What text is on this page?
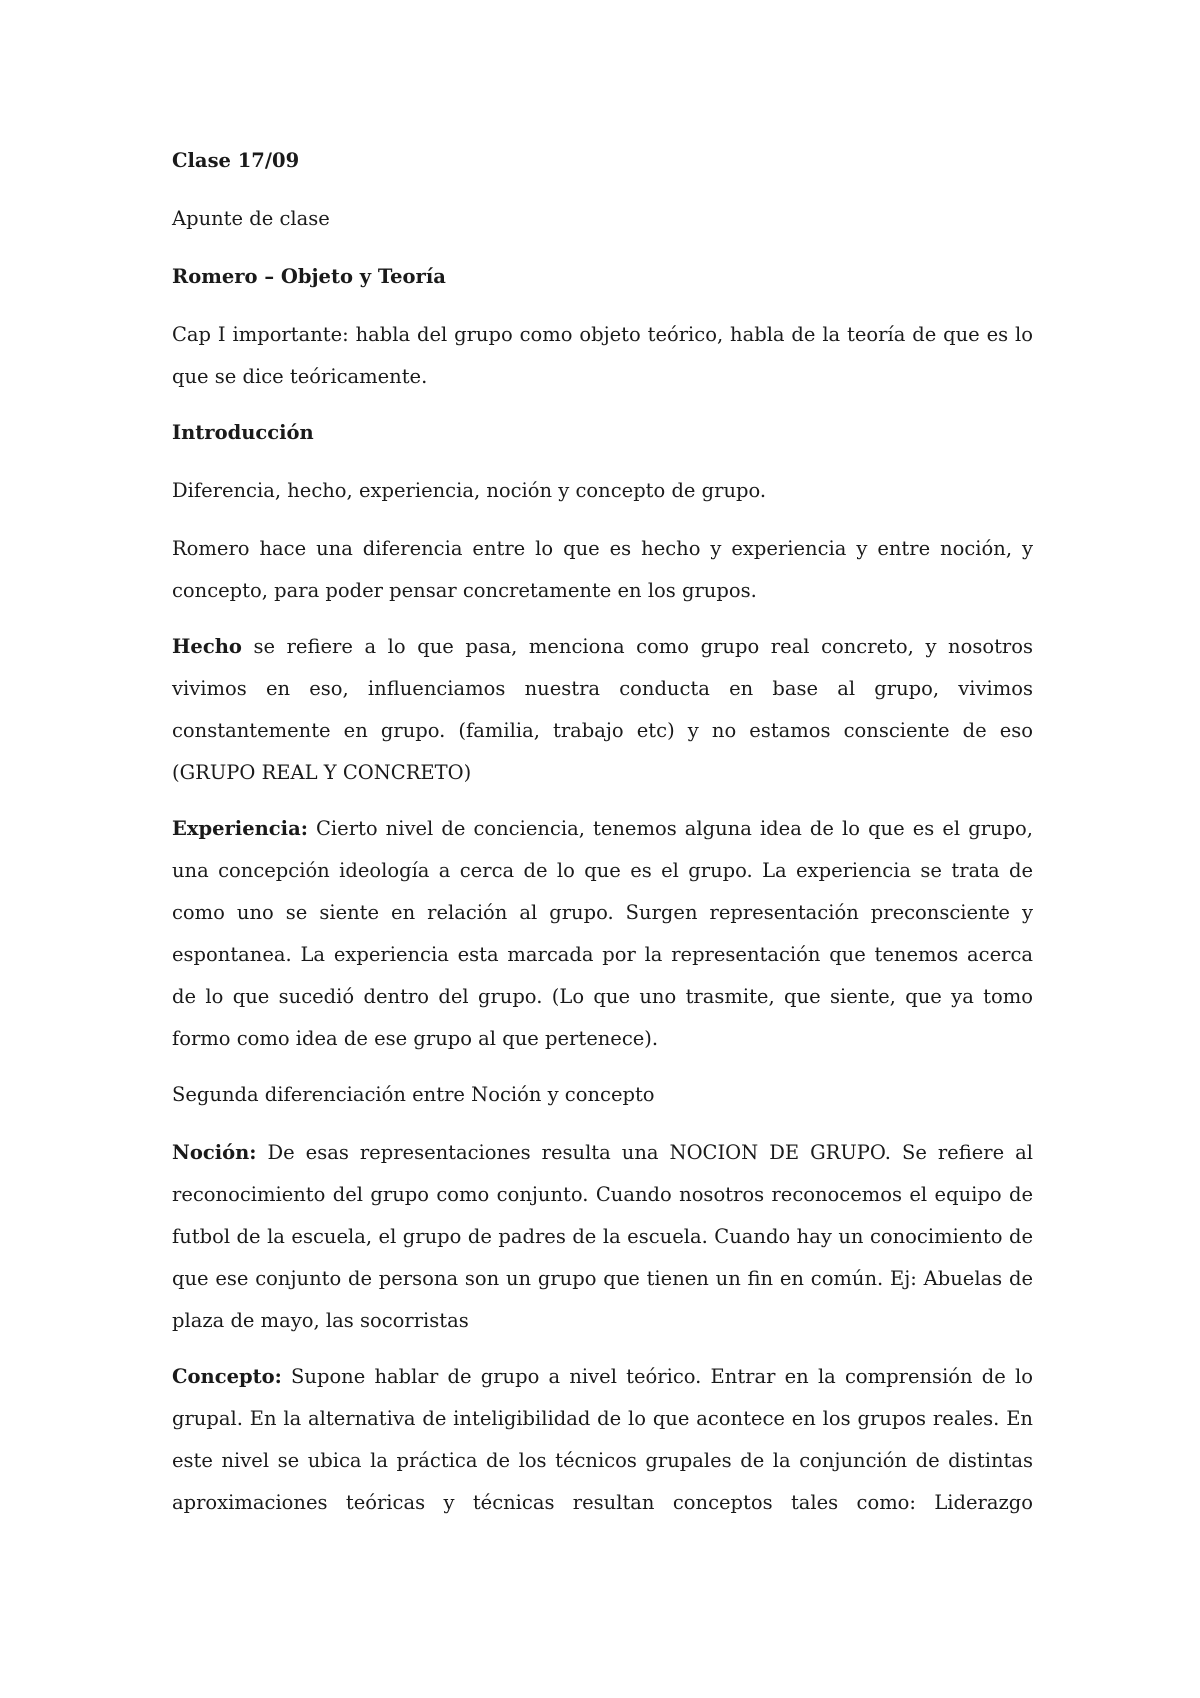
Clase 17/09

Apunte de clase

Romero – Objeto y Teoría

Cap I importante: habla del grupo como objeto teórico, habla de la teoría de que es lo que se dice teóricamente.

Introducción

Diferencia, hecho, experiencia, noción y concepto de grupo.

Romero hace una diferencia entre lo que es hecho y experiencia y entre noción, y concepto, para poder pensar concretamente en los grupos.

Hecho se refiere a lo que pasa, menciona como grupo real concreto, y nosotros vivimos en eso, influenciamos nuestra conducta en base al grupo, vivimos constantemente en grupo. (familia, trabajo etc) y no estamos consciente de eso (GRUPO REAL Y CONCRETO)

Experiencia: Cierto nivel de conciencia, tenemos alguna idea de lo que es el grupo, una concepción ideología a cerca de lo que es el grupo. La experiencia se trata de como uno se siente en relación al grupo. Surgen representación preconsciente y espontanea. La experiencia esta marcada por la representación que tenemos acerca de lo que sucedió dentro del grupo. (Lo que uno trasmite, que siente, que ya tomo formo como idea de ese grupo al que pertenece).

Segunda diferenciación entre Noción y concepto

Noción: De esas representaciones resulta una NOCION DE GRUPO. Se refiere al reconocimiento del grupo como conjunto. Cuando nosotros reconocemos el equipo de futbol de la escuela, el grupo de padres de la escuela. Cuando hay un conocimiento de que ese conjunto de persona son un grupo que tienen un fin en común. Ej: Abuelas de plaza de mayo, las socorristas

Concepto: Supone hablar de grupo a nivel teórico. Entrar en la comprensión de lo grupal. En la alternativa de inteligibilidad de lo que acontece en los grupos reales. En este nivel se ubica la práctica de los técnicos grupales de la conjunción de distintas aproximaciones teóricas y técnicas resultan conceptos tales como: Liderazgo
